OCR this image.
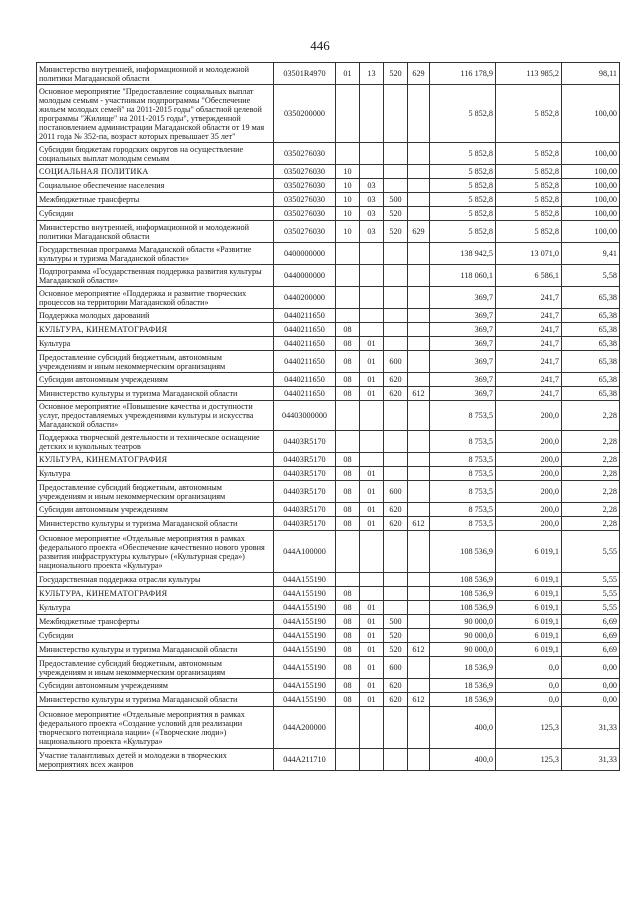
446
Министерство внутренней, информационной и молодежной политики Магаданской области	03501R4970	01	13	520	629	116 178,9	113 985,2	98,11
Основное мероприятие "Предоставление социальных выплат молодым семьям - участникам подпрограммы "Обеспечение жильем молодых семей" на 2011-2015 годы" областной целевой программы "Жилище" на 2011-2015 годы", утвержденной постановлением администрации Магаданской области от 19 мая 2011 года № 352-па, возраст которых превышает 35 лет"	0350200000					5 852,8	5 852,8	100,00
Субсидии бюджетам городских округов на осуществление социальных выплат молодым семьям	0350276030					5 852,8	5 852,8	100,00
СОЦИАЛЬНАЯ ПОЛИТИКА	0350276030	10				5 852,8	5 852,8	100,00
Социальное обеспечение населения	0350276030	10	03			5 852,8	5 852,8	100,00
Межбюджетные трансферты	0350276030	10	03	500		5 852,8	5 852,8	100,00
Субсидии	0350276030	10	03	520		5 852,8	5 852,8	100,00
Министерство внутренней, информационной и молодежной политики Магаданской области	0350276030	10	03	520	629	5 852,8	5 852,8	100,00
Государственная программа Магаданской области «Развитие культуры и туризма Магаданской области»	0400000000					138 942,5	13 071,0	9,41
Подпрограмма «Государственная поддержка развития культуры Магаданской области»	0440000000					118 060,1	6 586,1	5,58
Основное мероприятие «Поддержка и развитие творческих процессов на территории Магаданской области»	0440200000					369,7	241,7	65,38
Поддержка молодых дарований	0440211650					369,7	241,7	65,38
КУЛЬТУРА, КИНЕМАТОГРАФИЯ	0440211650	08				369,7	241,7	65,38
Культура	0440211650	08	01			369,7	241,7	65,38
Предоставление субсидий бюджетным, автономным учреждениям и иным некоммерческим организациям	0440211650	08	01	600		369,7	241,7	65,38
Субсидии автономным учреждениям	0440211650	08	01	620		369,7	241,7	65,38
Министерство культуры и туризма Магаданской области	0440211650	08	01	620	612	369,7	241,7	65,38
Основное мероприятие «Повышение качества и доступности услуг, предоставляемых учреждениями культуры и искусства Магаданской области»	04403000000					8 753,5	200,0	2,28
Поддержка творческой деятельности и техническое оснащение детских и кукольных театров	04403R5170					8 753,5	200,0	2,28
КУЛЬТУРА, КИНЕМАТОГРАФИЯ	04403R5170	08				8 753,5	200,0	2,28
Культура	04403R5170	08	01			8 753,5	200,0	2,28
Предоставление субсидий бюджетным, автономным учреждениям и иным некоммерческим организациям	04403R5170	08	01	600		8 753,5	200,0	2,28
Субсидии автономным учреждениям	04403R5170	08	01	620		8 753,5	200,0	2,28
Министерство культуры и туризма Магаданской области	04403R5170	08	01	620	612	8 753,5	200,0	2,28
Основное мероприятие «Отдельные мероприятия в рамках федерального проекта «Обеспечение качественно нового уровня развития инфраструктуры культуры» («Культурная среда») национального проекта «Культура»	044A100000					108 536,9	6 019,1	5,55
Государственная поддержка отрасли культуры	044A155190					108 536,9	6 019,1	5,55
КУЛЬТУРА, КИНЕМАТОГРАФИЯ	044A155190	08				108 536,9	6 019,1	5,55
Культура	044A155190	08	01			108 536,9	6 019,1	5,55
Межбюджетные трансферты	044A155190	08	01	500		90 000,0	6 019,1	6,69
Субсидии	044A155190	08	01	520		90 000,0	6 019,1	6,69
Министерство культуры и туризма Магаданской области	044A155190	08	01	520	612	90 000,0	6 019,1	6,69
Предоставление субсидий бюджетным, автономным учреждениям и иным некоммерческим организациям	044A155190	08	01	600		18 536,9	0,0	0,00
Субсидии автономным учреждениям	044A155190	08	01	620		18 536,9	0,0	0,00
Министерство культуры и туризма Магаданской области	044A155190	08	01	620	612	18 536,9	0,0	0,00
Основное мероприятие «Отдельные мероприятия в рамках федерального проекта «Создание условий для реализации творческого потенциала нации» («Творческие люди») национального проекта «Культура»	044A200000					400,0	125,3	31,33
Участие талантливых детей и молодежи в творческих мероприятиях всех жанров	044A211710					400,0	125,3	31,33
